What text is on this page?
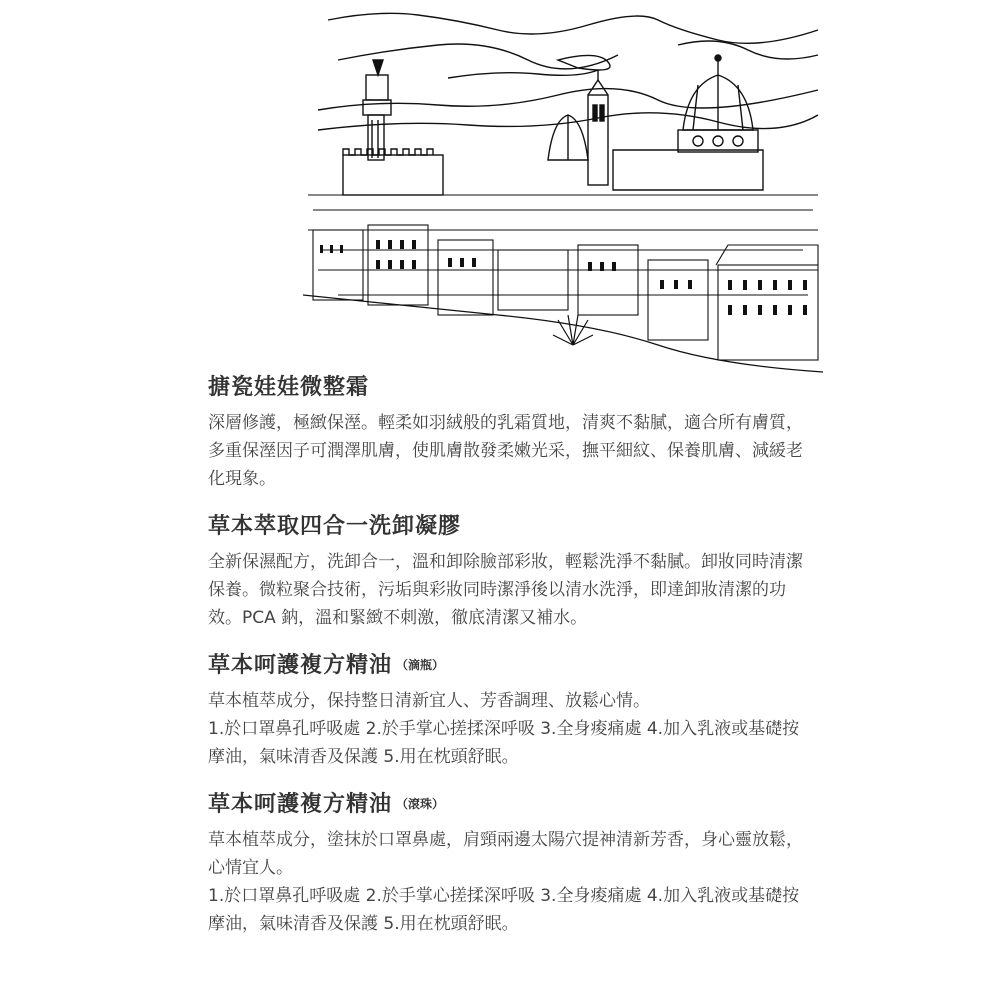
搪瓷娃娃微整霜

深層修護，極緻保溼。輕柔如羽絨般的乳霜質地，清爽不黏膩，適合所有膚質，多重保溼因子可潤澤肌膚，使肌膚散發柔嫩光采，撫平細紋、保養肌膚、減緩老化現象。

草本萃取四合一洗卸凝膠

全新保濕配方，洗卸合一，溫和卸除臉部彩妝，輕鬆洗淨不黏膩。卸妝同時清潔保養。微粒聚合技術，污垢與彩妝同時潔淨後以清水洗淨，即達卸妝清潔的功效。PCA 鈉，溫和緊緻不刺激，徹底清潔又補水。

草本呵護複方精油 $^{(滴瓶)}$

草本植萃成分，保持整日清新宜人、芳香調理、放鬆心情。

1.於口罩鼻孔呼吸處 2.於手掌心搓揉深呼吸 3.全身痠痛處 4.加入乳液或基礎按摩油，氣味清香及保護 5.用在枕頭舒眠。

草本呵護複方精油 $^{(滾珠)}$

草本植萃成分，塗抹於口罩鼻處，肩頸兩邊太陽穴提神清新芳香，身心靈放鬆，心情宜人。

1.於口罩鼻孔呼吸處 2.於手掌心搓揉深呼吸 3.全身痠痛處 4.加入乳液或基礎按摩油，氣味清香及保護 5.用在枕頭舒眠。
